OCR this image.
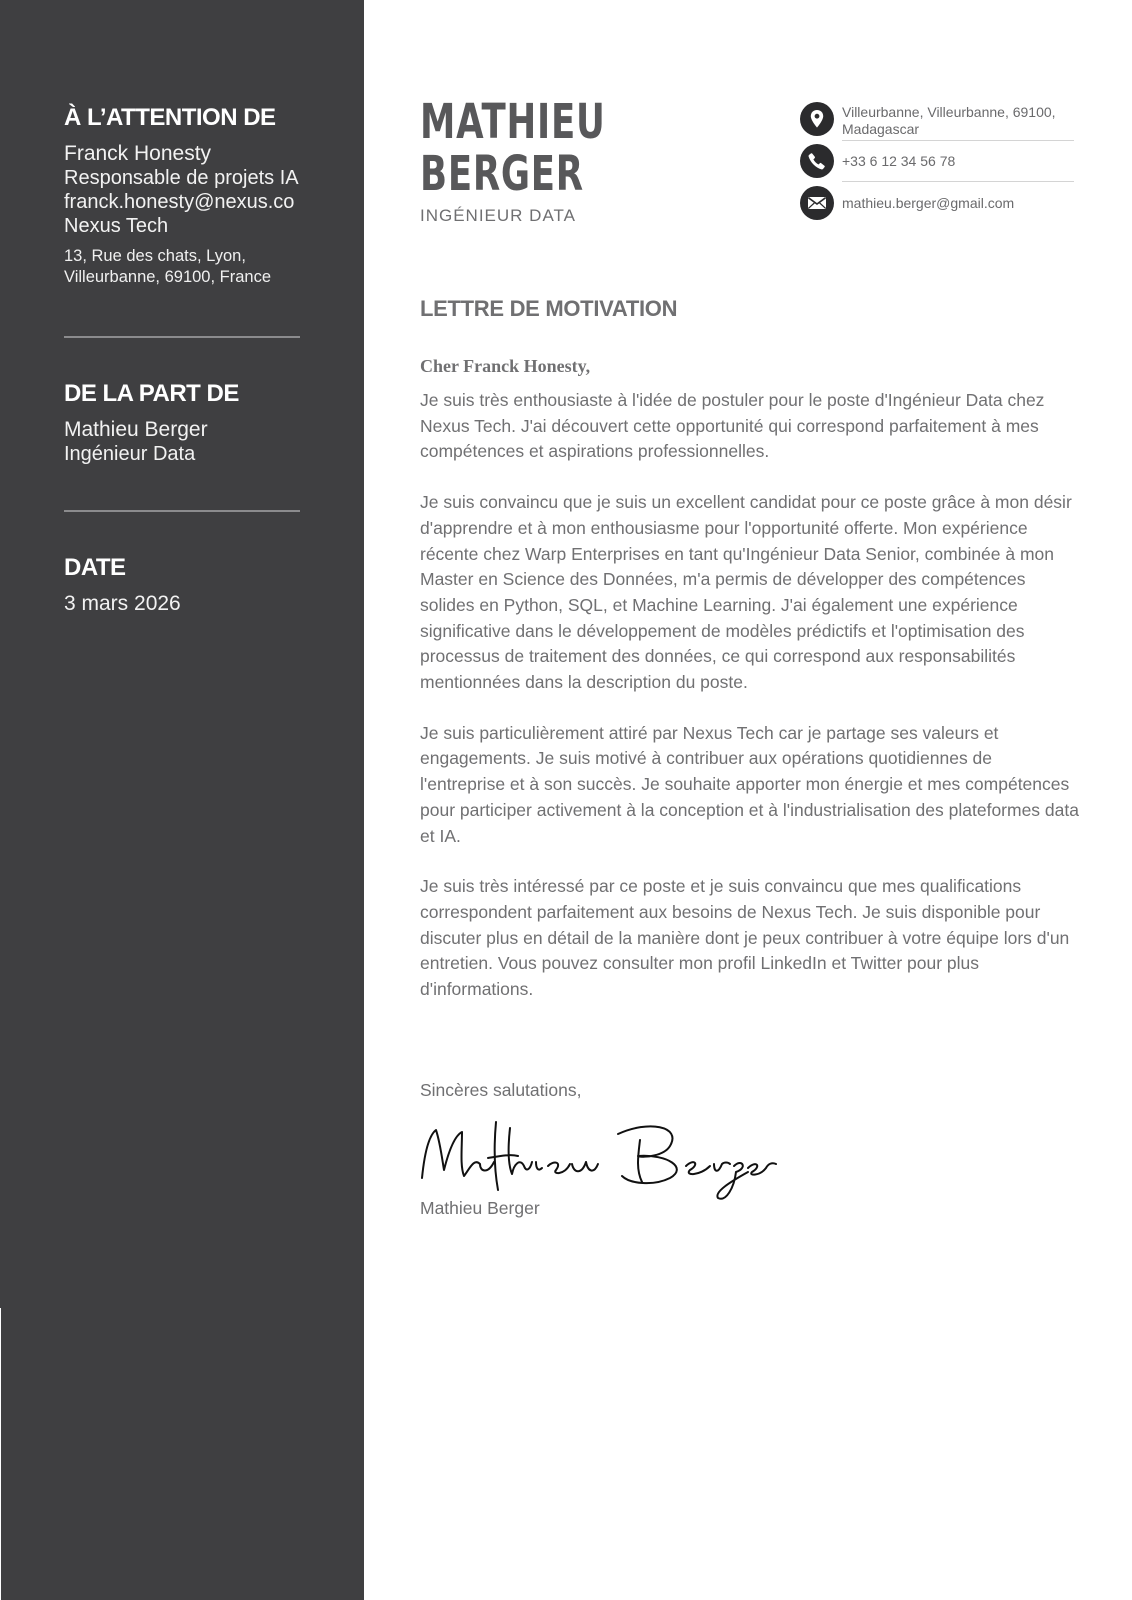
À L’ATTENTION DE
Franck Honesty
Responsable de projets IA
franck.honesty@nexus.co
Nexus Tech
13, Rue des chats, Lyon,
Villeurbanne, 69100, France
DE LA PART DE
Mathieu Berger
Ingénieur Data
DATE
3 mars 2026
MATHIEU
BERGER
INGÉNIEUR DATA
Villeurbanne, Villeurbanne, 69100, Madagascar
+33 6 12 34 56 78
mathieu.berger@gmail.com
LETTRE DE MOTIVATION
Cher Franck Honesty,

Je suis très enthousiaste à l'idée de postuler pour le poste d'Ingénieur Data chez Nexus Tech. J'ai découvert cette opportunité qui correspond parfaitement à mes compétences et aspirations professionnelles.

Je suis convaincu que je suis un excellent candidat pour ce poste grâce à mon désir d'apprendre et à mon enthousiasme pour l'opportunité offerte. Mon expérience récente chez Warp Enterprises en tant qu'Ingénieur Data Senior, combinée à mon Master en Science des Données, m'a permis de développer des compétences solides en Python, SQL, et Machine Learning. J'ai également une expérience significative dans le développement de modèles prédictifs et l'optimisation des processus de traitement des données, ce qui correspond aux responsabilités mentionnées dans la description du poste.

Je suis particulièrement attiré par Nexus Tech car je partage ses valeurs et engagements. Je suis motivé à contribuer aux opérations quotidiennes de l'entreprise et à son succès. Je souhaite apporter mon énergie et mes compétences pour participer activement à la conception et à l'industrialisation des plateformes data et IA.

Je suis très intéressé par ce poste et je suis convaincu que mes qualifications correspondent parfaitement aux besoins de Nexus Tech. Je suis disponible pour discuter plus en détail de la manière dont je peux contribuer à votre équipe lors d'un entretien. Vous pouvez consulter mon profil LinkedIn et Twitter pour plus d'informations.

Sincères salutations,
Mathieu Berger
Mathieu Berger
